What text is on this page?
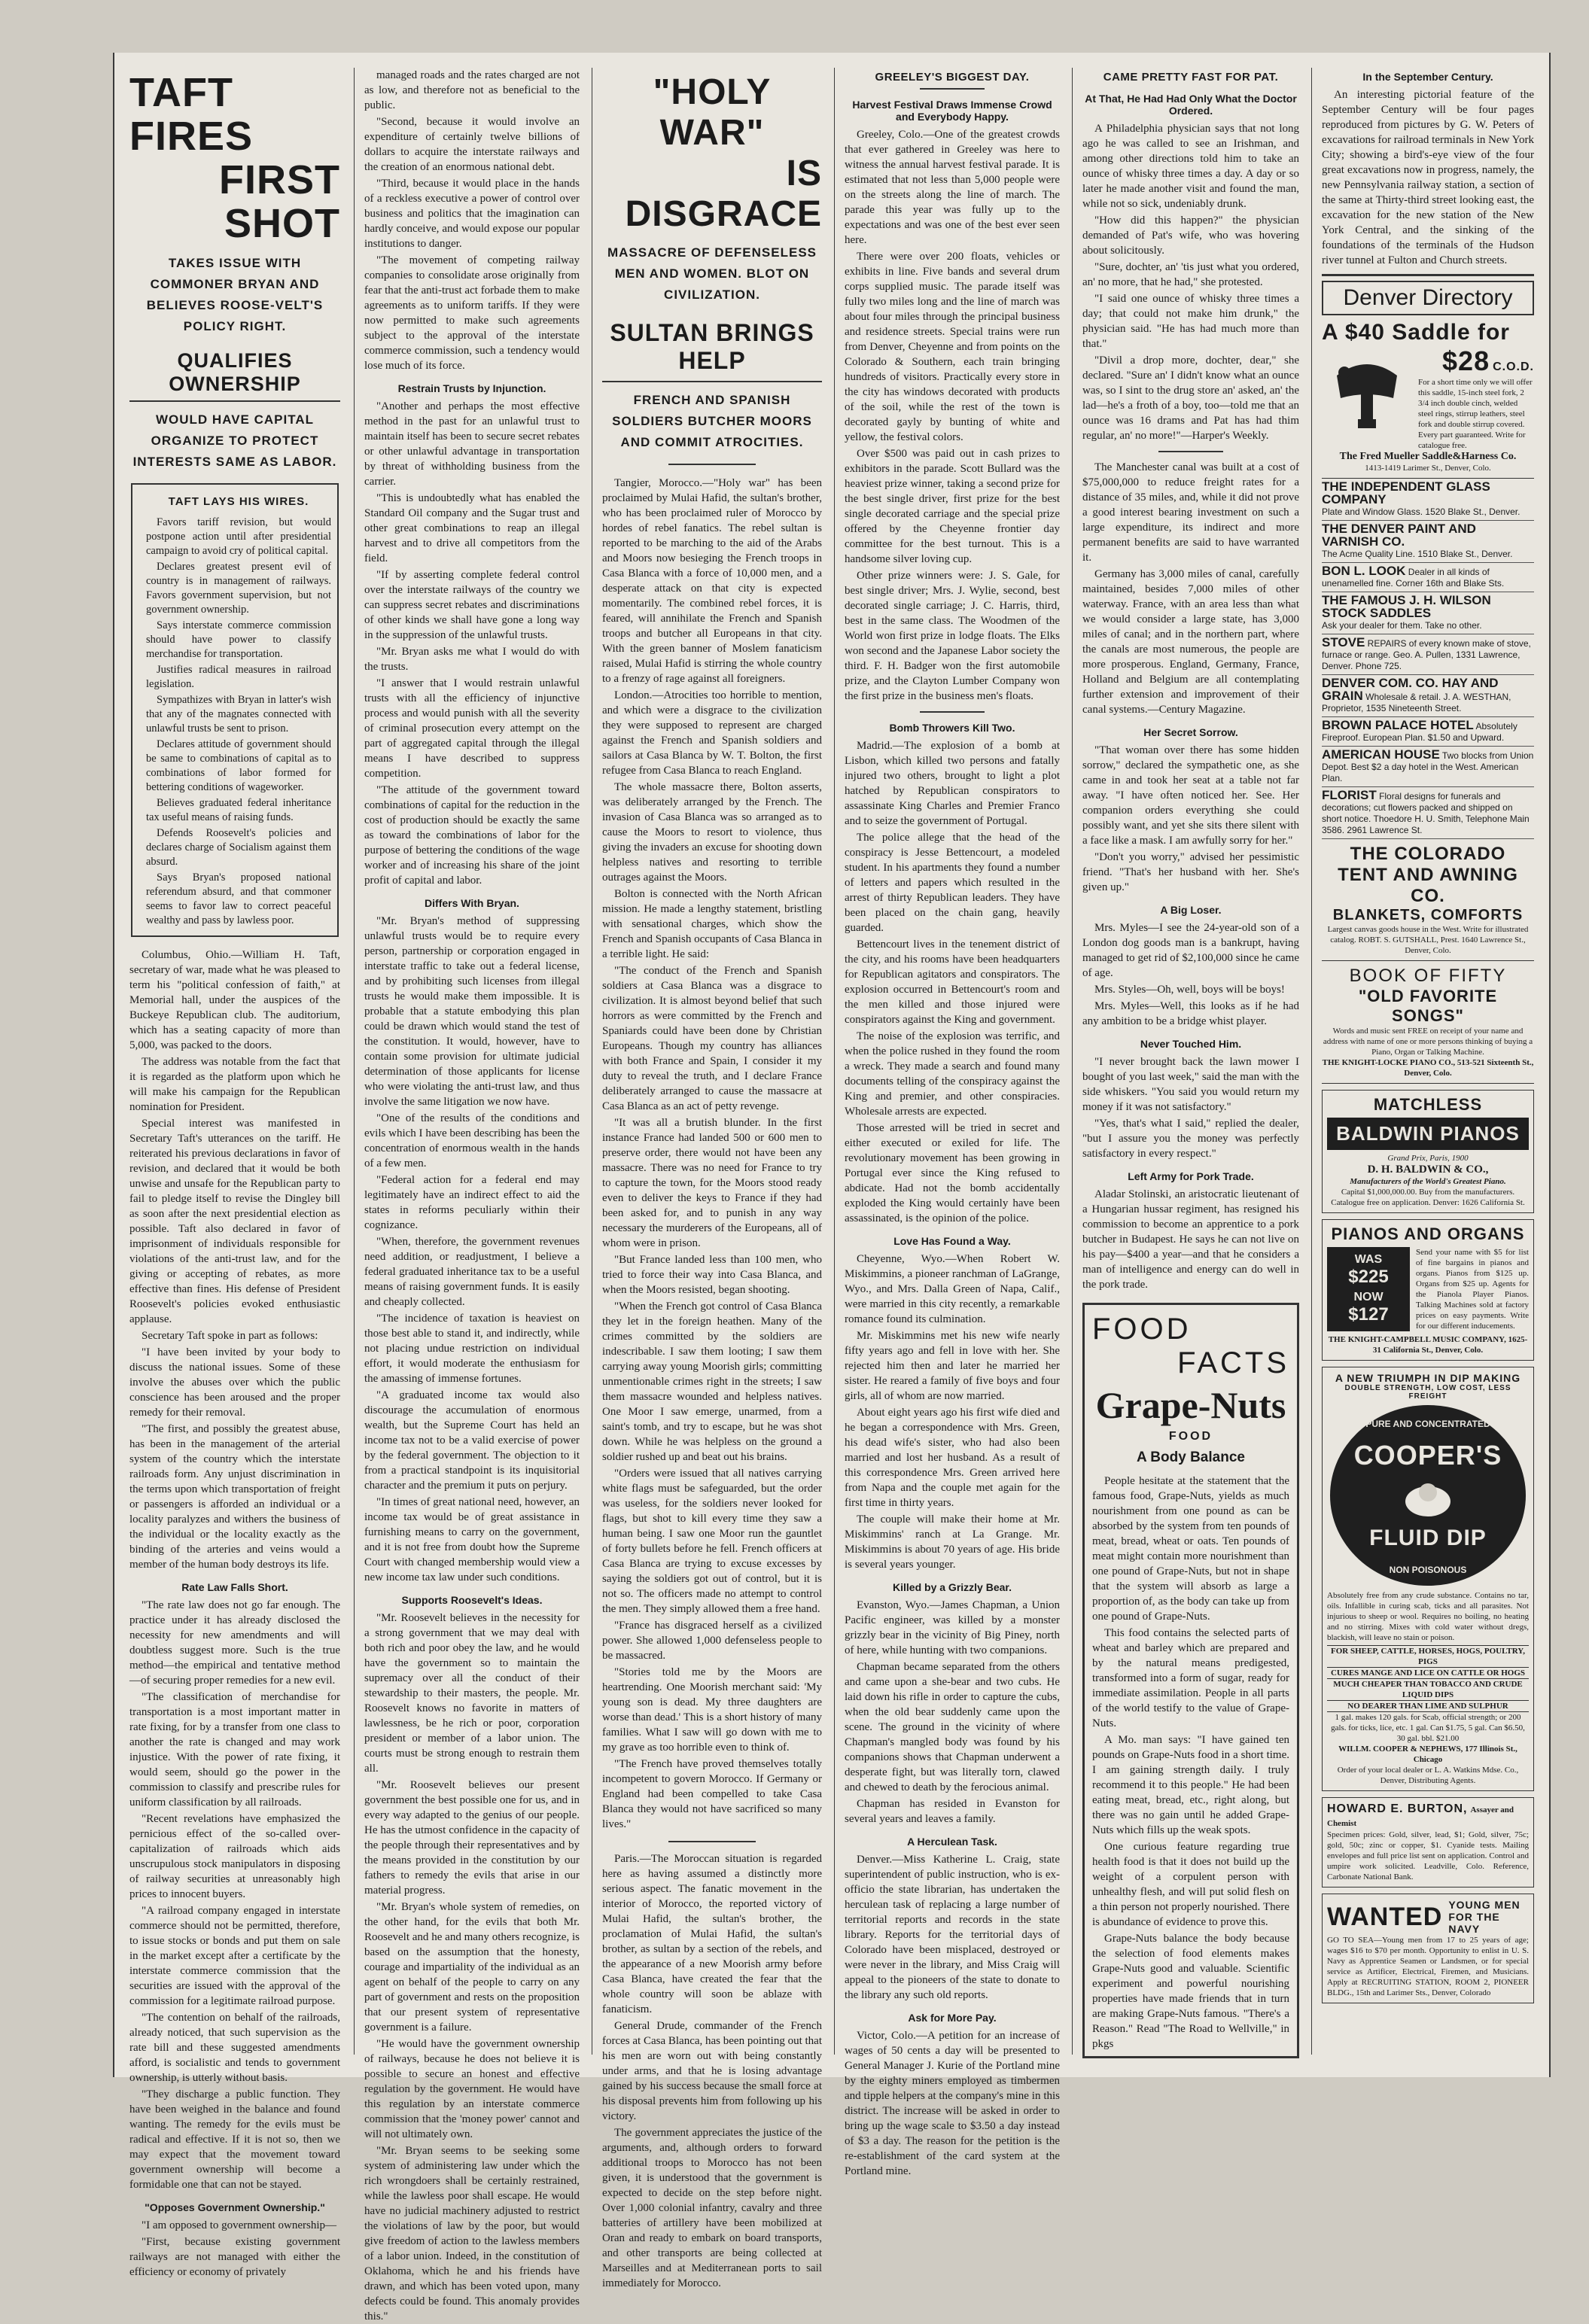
TAFT FIRES
FIRST SHOT
TAKES ISSUE WITH COMMONER BRYAN AND BELIEVES ROOSE-VELT'S POLICY RIGHT.
QUALIFIES OWNERSHIP
WOULD HAVE CAPITAL ORGANIZE TO PROTECT INTERESTS SAME AS LABOR.
TAFT LAYS HIS WIRES.

Favors tariff revision, but would postpone action until after presidential campaign to avoid cry of political capital.

Declares greatest present evil of country is in management of railways. Favors government supervision, but not government ownership.

Says interstate commerce commission should have power to classify merchandise for transportation.

Justifies radical measures in railroad legislation.

Sympathizes with Bryan in latter's wish that any of the magnates connected with unlawful trusts be sent to prison.

Declares attitude of government should be same to combinations of capital as to combinations of labor formed for bettering conditions of wageworker.

Believes graduated federal inheritance tax useful means of raising funds.

Defends Roosevelt's policies and declares charge of Socialism against them absurd.

Says Bryan's proposed national referendum absurd, and that commoner seems to favor law to correct peaceful wealthy and pass by lawless poor.

Columbus, Ohio.—William H. Taft, secretary of war, made what he was pleased to term his "political confession of faith," at Memorial hall, under the auspices of the Buckeye Republican club. The auditorium, which has a seating capacity of more than 5,000, was packed to the doors.

The address was notable from the fact that it is regarded as the platform upon which he will make his campaign for the Republican nomination for President.

Special interest was manifested in Secretary Taft's utterances on the tariff. He reiterated his previous declarations in favor of revision, and declared that it would be both unwise and unsafe for the Republican party to fail to pledge itself to revise the Dingley bill as soon after the next presidential election as possible. Taft also declared in favor of imprisonment of individuals responsible for violations of the anti-trust law, and for the giving or accepting of rebates, as more effective than fines. His defense of President Roosevelt's policies evoked enthusiastic applause.

Secretary Taft spoke in part as follows:

"I have been invited by your body to discuss the national issues. Some of these involve the abuses over which the public conscience has been aroused and the proper remedy for their removal.

"The first, and possibly the greatest abuse, has been in the management of the arterial system of the country which the interstate railroads form. Any unjust discrimination in the terms upon which transportation of freight or passengers is afforded an individual or a locality paralyzes and withers the business of the individual or the locality exactly as the binding of the arteries and veins would a member of the human body destroys its life.

Rate Law Falls Short.

"The rate law does not go far enough. The practice under it has already disclosed the necessity for new amendments and will doubtless suggest more. Such is the true method—the empirical and tentative method—of securing proper remedies for a new evil.

"The classification of merchandise for transportation is a most important matter in rate fixing, for by a transfer from one class to another the rate is changed and may work injustice. With the power of rate fixing, it would seem, should go the power in the commission to classify and prescribe rules for uniform classification by all railroads.

"Recent revelations have emphasized the pernicious effect of the so-called over-capitalization of railroads which aids unscrupulous stock manipulators in disposing of railway securities at unreasonably high prices to innocent buyers.

"A railroad company engaged in interstate commerce should not be permitted, therefore, to issue stocks or bonds and put them on sale in the market except after a certificate by the interstate commerce commission that the securities are issued with the approval of the commission for a legitimate railroad purpose.

"The contention on behalf of the railroads, already noticed, that such supervision as the rate bill and these suggested amendments afford, is socialistic and tends to government ownership, is utterly without basis.

"They discharge a public function. They have been weighed in the balance and found wanting. The remedy for the evils must be radical and effective. If it is not so, then we may expect that the movement toward government ownership will become a formidable one that can not be stayed.

"Opposes Government Ownership."

"I am opposed to government ownership—

"First, because existing government railways are not managed with either the efficiency or economy of privately

managed roads and the rates charged are not as low, and therefore not as beneficial to the public.

"Second, because it would involve an expenditure of certainly twelve billions of dollars to acquire the interstate railways and the creation of an enormous national debt.

"Third, because it would place in the hands of a reckless executive a power of control over business and politics that the imagination can hardly conceive, and would expose our popular institutions to danger.

"The movement of competing railway companies to consolidate arose originally from fear that the anti-trust act forbade them to make agreements as to uniform tariffs. If they were now permitted to make such agreements subject to the approval of the interstate commerce commission, such a tendency would lose much of its force.

Restrain Trusts by Injunction.

"Another and perhaps the most effective method in the past for an unlawful trust to maintain itself has been to secure secret rebates or other unlawful advantage in transportation by threat of withholding business from the carrier.

"This is undoubtedly what has enabled the Standard Oil company and the Sugar trust and other great combinations to reap an illegal harvest and to drive all competitors from the field.

"If by asserting complete federal control over the interstate railways of the country we can suppress secret rebates and discriminations of other kinds we shall have gone a long way in the suppression of the unlawful trusts.

"Mr. Bryan asks me what I would do with the trusts.

"I answer that I would restrain unlawful trusts with all the efficiency of injunctive process and would punish with all the severity of criminal prosecution every attempt on the part of aggregated capital through the illegal means I have described to suppress competition.

"The attitude of the government toward combinations of capital for the reduction in the cost of production should be exactly the same as toward the combinations of labor for the purpose of bettering the conditions of the wage worker and of increasing his share of the joint profit of capital and labor.

Differs With Bryan.

"Mr. Bryan's method of suppressing unlawful trusts would be to require every person, partnership or corporation engaged in interstate traffic to take out a federal license, and by prohibiting such licenses from illegal trusts he would make them impossible. It is probable that a statute embodying this plan could be drawn which would stand the test of the constitution. It would, however, have to contain some provision for ultimate judicial determination of those applicants for license who were violating the anti-trust law, and thus involve the same litigation we now have.

"One of the results of the conditions and evils which I have been describing has been the concentration of enormous wealth in the hands of a few men.

"Federal action for a federal end may legitimately have an indirect effect to aid the states in reforms peculiarly within their cognizance.

"When, therefore, the government revenues need addition, or readjustment, I believe a federal graduated inheritance tax to be a useful means of raising government funds. It is easily and cheaply collected.

"The incidence of taxation is heaviest on those best able to stand it, and indirectly, while not placing undue restriction on individual effort, it would moderate the enthusiasm for the amassing of immense fortunes.

"A graduated income tax would also discourage the accumulation of enormous wealth, but the Supreme Court has held an income tax not to be a valid exercise of power by the federal government. The objection to it from a practical standpoint is its inquisitorial character and the premium it puts on perjury.

"In times of great national need, however, an income tax would be of great assistance in furnishing means to carry on the government, and it is not free from doubt how the Supreme Court with changed membership would view a new income tax law under such conditions.

Supports Roosevelt's Ideas.

"Mr. Roosevelt believes in the necessity for a strong government that we may deal with both rich and poor obey the law, and he would have the government so to maintain the supremacy over all the conduct of their stewardship to their masters, the people. Mr. Roosevelt knows no favorite in matters of lawlessness, be he rich or poor, corporation president or member of a labor union. The courts must be strong enough to restrain them all.

"Mr. Roosevelt believes our present government the best possible one for us, and in every way adapted to the genius of our people. He has the utmost confidence in the capacity of the people through their representatives and by the means provided in the constitution by our fathers to remedy the evils that arise in our material progress.

"Mr. Bryan's whole system of remedies, on the other hand, for the evils that both Mr. Roosevelt and he and many others recognize, is based on the assumption that the honesty, courage and impartiality of the individual as an agent on behalf of the people to carry on any part of government and rests on the proposition that our present system of representative government is a failure.

"He would have the government ownership of railways, because he does not believe it is possible to secure an honest and effective regulation by the government. He would have this regulation by an interstate commerce commission that the 'money power' cannot and will not ultimately own.

"Mr. Bryan seems to be seeking some system of administering law under which the rich wrongdoers shall be certainly restrained, while the lawless poor shall escape. He would have no judicial machinery adjusted to restrict the violations of law by the poor, but would give freedom of action to the lawless members of a labor union. Indeed, in the constitution of Oklahoma, which he and his friends have drawn, and which has been voted upon, many defects could be found. This anomaly provides this."

"HOLY WAR"
IS DISGRACE
MASSACRE OF DEFENSELESS MEN AND WOMEN. BLOT ON CIVILIZATION.
SULTAN BRINGS HELP
FRENCH AND SPANISH SOLDIERS BUTCHER MOORS AND COMMIT ATROCITIES.

Tangier, Morocco.—"Holy war" has been proclaimed by Mulai Hafid, the sultan's brother, who has been proclaimed ruler of Morocco by hordes of rebel fanatics. The rebel sultan is reported to be marching to the aid of the Arabs and Moors now besieging the French troops in Casa Blanca with a force of 10,000 men, and a desperate attack on that city is expected momentarily. The combined rebel forces, it is feared, will annihilate the French and Spanish troops and butcher all Europeans in that city. With the green banner of Moslem fanaticism raised, Mulai Hafid is stirring the whole country to a frenzy of rage against all foreigners.

London.—Atrocities too horrible to mention, and which were a disgrace to the civilization they were supposed to represent are charged against the French and Spanish soldiers and sailors at Casa Blanca by W. T. Bolton, the first refugee from Casa Blanca to reach England.

The whole massacre there, Bolton asserts, was deliberately arranged by the French. The invasion of Casa Blanca was so arranged as to cause the Moors to resort to violence, thus giving the invaders an excuse for shooting down helpless natives and resorting to terrible outrages against the Moors.

Bolton is connected with the North African mission. He made a lengthy statement, bristling with sensational charges, which show the French and Spanish occupants of Casa Blanca in a terrible light. He said:

"The conduct of the French and Spanish soldiers at Casa Blanca was a disgrace to civilization. It is almost beyond belief that such horrors as were committed by the French and Spaniards could have been done by Christian Europeans. Though my country has alliances with both France and Spain, I consider it my duty to reveal the truth, and I declare France deliberately arranged to cause the massacre at Casa Blanca as an act of petty revenge.

"It was all a brutish blunder. In the first instance France had landed 500 or 600 men to preserve order, there would not have been any massacre. There was no need for France to try to capture the town, for the Moors stood ready even to deliver the keys to France if they had been asked for, and to punish in any way necessary the murderers of the Europeans, all of whom were in prison.

"But France landed less than 100 men, who tried to force their way into Casa Blanca, and when the Moors resisted, began shooting.

"When the French got control of Casa Blanca they let in the foreign heathen. Many of the crimes committed by the soldiers are indescribable. I saw them looting; I saw them carrying away young Moorish girls; committing unmentionable crimes right in the streets; I saw them massacre wounded and helpless natives. One Moor I saw emerge, unarmed, from a saint's tomb, and try to escape, but he was shot down. While he was helpless on the ground a soldier rushed up and beat out his brains.

"Orders were issued that all natives carrying white flags must be safeguarded, but the order was useless, for the soldiers never looked for flags, but shot to kill every time they saw a human being. I saw one Moor run the gauntlet of forty bullets before he fell. French officers at Casa Blanca are trying to excuse excesses by saying the soldiers got out of control, but it is not so. The officers made no attempt to control the men. They simply allowed them a free hand.

"France has disgraced herself as a civilized power. She allowed 1,000 defenseless people to be massacred.

"Stories told me by the Moors are heartrending. One Moorish merchant said: 'My young son is dead. My three daughters are worse than dead.' This is a short history of many families. What I saw will go down with me to my grave as too horrible even to think of.

"The French have proved themselves totally incompetent to govern Morocco. If Germany or England had been compelled to take Casa Blanca they would not have sacrificed so many lives."

Paris.—The Moroccan situation is regarded here as having assumed a distinctly more serious aspect. The fanatic movement in the interior of Morocco, the reported victory of Mulai Hafid, the sultan's brother, the proclamation of Mulai Hafid, the sultan's brother, as sultan by a section of the rebels, and the appearance of a new Moorish army before Casa Blanca, have created the fear that the whole country will soon be ablaze with fanaticism.

General Drude, commander of the French forces at Casa Blanca, has been pointing out that his men are worn out with being constantly under arms, and that he is losing advantage gained by his success because the small force at his disposal prevents him from following up his victory.

The government appreciates the justice of the arguments, and, although orders to forward additional troops to Morocco has not been given, it is understood that the government is expected to decide on the step before night. Over 1,000 colonial infantry, cavalry and three batteries of artillery have been mobilized at Oran and ready to embark on board transports, and other transports are being collected at Marseilles and at Mediterranean ports to sail immediately for Morocco.

GREELEY'S BIGGEST DAY.
Harvest Festival Draws Immense Crowd and Everybody Happy.

Greeley, Colo.—One of the greatest crowds that ever gathered in Greeley was here to witness the annual harvest festival parade. It is estimated that not less than 5,000 people were on the streets along the line of march. The parade this year was fully up to the expectations and was one of the best ever seen here.

There were over 200 floats, vehicles or exhibits in line. Five bands and several drum corps supplied music. The parade itself was fully two miles long and the line of march was about four miles through the principal business and residence streets. Special trains were run from Denver, Cheyenne and from points on the Colorado & Southern, each train bringing hundreds of visitors. Practically every store in the city has windows decorated with products of the soil, while the rest of the town is decorated gayly by bunting of white and yellow, the festival colors.

Over $500 was paid out in cash prizes to exhibitors in the parade. Scott Bullard was the heaviest prize winner, taking a second prize for the best single driver, first prize for the best single decorated carriage and the special prize offered by the Cheyenne frontier day committee for the best turnout. This is a handsome silver loving cup.

Other prize winners were: J. S. Gale, for best single driver; Mrs. J. Wylie, second, best decorated single carriage; J. C. Harris, third, best in the same class. The Woodmen of the World won first prize in lodge floats. The Elks won second and the Japanese Labor society the third. F. H. Badger won the first automobile prize, and the Clayton Lumber Company won the first prize in the business men's floats.

Bomb Throwers Kill Two.

Madrid.—The explosion of a bomb at Lisbon, which killed two persons and fatally injured two others, brought to light a plot hatched by Republican conspirators to assassinate King Charles and Premier Franco and to seize the government of Portugal.

The police allege that the head of the conspiracy is Jesse Bettencourt, a modeled student. In his apartments they found a number of letters and papers which resulted in the arrest of thirty Republican leaders. They have been placed on the chain gang, heavily guarded.

Bettencourt lives in the tenement district of the city, and his rooms have been headquarters for Republican agitators and conspirators. The explosion occurred in Bettencourt's room and the men killed and those injured were conspirators against the King and government.

The noise of the explosion was terrific, and when the police rushed in they found the room a wreck. They made a search and found many documents telling of the conspiracy against the King and premier, and other conspiracies. Wholesale arrests are expected.

Those arrested will be tried in secret and either executed or exiled for life. The revolutionary movement has been growing in Portugal ever since the King refused to abdicate. Had not the bomb accidentally exploded the King would certainly have been assassinated, is the opinion of the police.

Love Has Found a Way.

Cheyenne, Wyo.—When Robert W. Miskimmins, a pioneer ranchman of LaGrange, Wyo., and Mrs. Dalla Green of Napa, Calif., were married in this city recently, a remarkable romance found its culmination.

Mr. Miskimmins met his new wife nearly fifty years ago and fell in love with her. She rejected him then and later he married her sister. He reared a family of five boys and four girls, all of whom are now married.

About eight years ago his first wife died and he began a correspondence with Mrs. Green, his dead wife's sister, who had also been married and lost her husband. As a result of this correspondence Mrs. Green arrived here from Napa and the couple met again for the first time in thirty years.

The couple will make their home at Mr. Miskimmins' ranch at La Grange. Mr. Miskimmins is about 70 years of age. His bride is several years younger.

Killed by a Grizzly Bear.

Evanston, Wyo.—James Chapman, a Union Pacific engineer, was killed by a monster grizzly bear in the vicinity of Big Piney, north of here, while hunting with two companions.

Chapman became separated from the others and came upon a she-bear and two cubs. He laid down his rifle in order to capture the cubs, when the old bear suddenly came upon the scene. The ground in the vicinity of where Chapman's mangled body was found by his companions shows that Chapman underwent a desperate fight, but was literally torn, clawed and chewed to death by the ferocious animal.

Chapman has resided in Evanston for several years and leaves a family.

A Herculean Task.

Denver.—Miss Katherine L. Craig, state superintendent of public instruction, who is ex-officio the state librarian, has undertaken the herculean task of replacing a large number of territorial reports and records in the state library. Reports for the territorial days of Colorado have been misplaced, destroyed or were never in the library, and Miss Craig will appeal to the pioneers of the state to donate to the library any such old reports.

Ask for More Pay.

Victor, Colo.—A petition for an increase of wages of 50 cents a day will be presented to General Manager J. Kurie of the Portland mine by the eighty miners employed as timbermen and tipple helpers at the company's mine in this district. The increase will be asked in order to bring up the wage scale to $3.50 a day instead of $3 a day. The reason for the petition is the re-establishment of the card system at the Portland mine.

CAME PRETTY FAST FOR PAT.
At That, He Had Had Only What the Doctor Ordered.

A Philadelphia physician says that not long ago he was called to see an Irishman, and among other directions told him to take an ounce of whisky three times a day. A day or so later he made another visit and found the man, while not so sick, undeniably drunk.

"How did this happen?" the physician demanded of Pat's wife, who was hovering about solicitously.

"Sure, dochter, an' 'tis just what you ordered, an' no more, that he had," she protested.

"I said one ounce of whisky three times a day; that could not make him drunk," the physician said. "He has had much more than that."

"Divil a drop more, dochter, dear," she declared. "Sure an' I didn't know what an ounce was, so I sint to the drug store an' asked, an' the lad—he's a froth of a boy, too—told me that an ounce was 16 drams and Pat has had thim regular, an' no more!"—Harper's Weekly.

The Manchester canal was built at a cost of $75,000,000 to reduce freight rates for a distance of 35 miles, and, while it did not prove a good interest bearing investment on such a large expenditure, its indirect and more permanent benefits are said to have warranted it.

Germany has 3,000 miles of canal, carefully maintained, besides 7,000 miles of other waterway. France, with an area less than what we would consider a large state, has 3,000 miles of canal; and in the northern part, where the canals are most numerous, the people are more prosperous. England, Germany, France, Holland and Belgium are all contemplating further extension and improvement of their canal systems.—Century Magazine.

Her Secret Sorrow.

"That woman over there has some hidden sorrow," declared the sympathetic one, as she came in and took her seat at a table not far away. "I have often noticed her. See. Her companion orders everything she could possibly want, and yet she sits there silent with a face like a mask. I am awfully sorry for her."

"Don't you worry," advised her pessimistic friend. "That's her husband with her. She's given up."

A Big Loser.

Mrs. Myles—I see the 24-year-old son of a London dog goods man is a bankrupt, having managed to get rid of $2,100,000 since he came of age.

Mrs. Styles—Oh, well, boys will be boys!

Mrs. Myles—Well, this looks as if he had any ambition to be a bridge whist player.

Never Touched Him.

"I never brought back the lawn mower I bought of you last week," said the man with the side whiskers. "You said you would return my money if it was not satisfactory."

"Yes, that's what I said," replied the dealer, "but I assure you the money was perfectly satisfactory in every respect."

Left Army for Pork Trade.

Aladar Stolinski, an aristocratic lieutenant of a Hungarian hussar regiment, has resigned his commission to become an apprentice to a pork butcher in Budapest. He says he can not live on his pay—$400 a year—and that he considers a man of intelligence and energy can do well in the pork trade.

FOOD
FACTS
Grape-Nuts
FOOD
A Body Balance

People hesitate at the statement that the famous food, Grape-Nuts, yields as much nourishment from one pound as can be absorbed by the system from ten pounds of meat, bread, wheat or oats. Ten pounds of meat might contain more nourishment than one pound of Grape-Nuts, but not in shape that the system will absorb as large a proportion of, as the body can take up from one pound of Grape-Nuts.

This food contains the selected parts of wheat and barley which are prepared and by the natural means predigested, transformed into a form of sugar, ready for immediate assimilation. People in all parts of the world testify to the value of Grape-Nuts.

A Mo. man says: "I have gained ten pounds on Grape-Nuts food in a short time. I am gaining strength daily. I truly recommend it to this people." He had been eating meat, bread, etc., right along, but there was no gain until he added Grape-Nuts which fills up the weak spots.

One curious feature regarding true health food is that it does not build up the weight of a corpulent person with unhealthy flesh, and will put solid flesh on a thin person not properly nourished. There is abundance of evidence to prove this.

Grape-Nuts balance the body because the selection of food elements makes Grape-Nuts good and valuable. Scientific experiment and powerful nourishing properties have made friends that in turn are making Grape-Nuts famous. "There's a Reason." Read "The Road to Wellville," in pkgs

In the September Century.

An interesting pictorial feature of the September Century will be four pages reproduced from pictures by G. W. Peters of excavations for railroad terminals in New York City; showing a bird's-eye view of the four great excavations now in progress, namely, the new Pennsylvania railway station, a section of the same at Thirty-third street looking east, the excavation for the new station of the New York Central, and the sinking of the foundations of the terminals of the Hudson river tunnel at Fulton and Church streets.

Denver Directory
A $40 Saddle for
$28 C.O.D.
For a short time only we will offer this saddle, 15-inch steel fork, 2 3/4 inch double cinch, welded steel rings, stirrup leathers, steel fork and double stirrup covered. Every part guaranteed. Write for catalogue free.
The Fred Mueller Saddle&Harness Co.
1413-1419 Larimer St., Denver, Colo.
THE INDEPENDENT GLASS COMPANY
Plate and Window Glass. 1520 Blake St., Denver.
THE DENVER PAINT AND VARNISH CO.
The Acme Quality Line. 1510 Blake St., Denver.
BON L. LOOK Dealer in all kinds of unenamelled fine. Corner 16th and Blake Sts.
THE FAMOUS J. H. WILSON STOCK SADDLES
Ask your dealer for them. Take no other.
STOVE REPAIRS of every known make of stove, furnace or range. Geo. A. Pullen, 1331 Lawrence, Denver. Phone 725.
DENVER COM. CO. HAY AND GRAIN Wholesale & retail. J. A. WESTHAN, Proprietor, 1535 Nineteenth Street.
BROWN PALACE HOTEL Absolutely Fireproof. European Plan. $1.50 and Upward.
AMERICAN HOUSE Two blocks from Union Depot. Best $2 a day hotel in the West. American Plan.
FLORIST Floral designs for funerals and decorations; cut flowers packed and shipped on short notice. Thoedore H. U. Smith, Telephone Main 3586. 2961 Lawrence St.
THE COLORADO
TENT AND AWNING CO.
BLANKETS, COMFORTS
Largest canvas goods house in the West. Write for illustrated catalog. ROBT. S. GUTSHALL, Prest. 1640 Lawrence St., Denver, Colo.
BOOK OF FIFTY
"OLD FAVORITE SONGS"
Words and music sent FREE on receipt of your name and address with name of one or more persons thinking of buying a Piano, Organ or Talking Machine.
THE KNIGHT-LOCKE PIANO CO., 513-521 Sixteenth St., Denver, Colo.
MATCHLESS
BALDWIN PIANOS
Grand Prix, Paris, 1900
D. H. BALDWIN & CO.,
Manufacturers of the World's Greatest Piano.
Capital $1,000,000.00. Buy from the manufacturers. Catalogue free on application. Denver: 1626 California St.
PIANOS AND ORGANS
WAS
$225
NOW
$127
Send your name with $5 for list of fine bargains in pianos and organs. Pianos from $125 up. Organs from $25 up. Agents for the Pianola Player Pianos. Talking Machines sold at factory prices on easy payments. Write for our different inducements.
THE KNIGHT-CAMPBELL MUSIC COMPANY, 1625-31 California St., Denver, Colo.
A NEW TRIUMPH IN DIP MAKING
DOUBLE STRENGTH, LOW COST, LESS FREIGHT
PURE AND CONCENTRATED
COOPER'S
FLUID DIP
NON POISONOUS
Absolutely free from any crude substance. Contains no tar, oils. Infallible in curing scab, ticks and all parasites. Not injurious to sheep or wool. Requires no boiling, no heating and no stirring. Mixes with cold water without dregs, blackish, will leave no stain or poison.
FOR SHEEP, CATTLE, HORSES, HOGS, POULTRY, PIGS
CURES MANGE AND LICE ON CATTLE OR HOGS
MUCH CHEAPER THAN TOBACCO AND CRUDE LIQUID DIPS
NO DEARER THAN LIME AND SULPHUR
1 gal. makes 120 gals. for Scab, official strength; or 200 gals. for ticks, lice, etc. 1 gal. Can $1.75, 5 gal. Can $6.50, 30 gal. bbl. $21.00
WILLM. COOPER & NEPHEWS, 177 Illinois St., Chicago
Order of your local dealer or L. A. Watkins Mdse. Co., Denver, Distributing Agents.
HOWARD E. BURTON, Assayer and Chemist
Specimen prices: Gold, silver, lead, $1; Gold, silver, 75c; gold, 50c; zinc or copper, $1. Cyanide tests. Mailing envelopes and full price list sent on application. Control and umpire work solicited. Leadville, Colo. Reference, Carbonate National Bank.
WANTED YOUNG MEN FOR THE NAVY
GO TO SEA—Young men from 17 to 25 years of age; wages $16 to $70 per month. Opportunity to enlist in U. S. Navy as Apprentice Seamen or Landsmen, or for special service as Artificer, Electrical, Firemen, and Musicians. Apply at RECRUITING STATION, ROOM 2, PIONEER BLDG., 15th and Larimer Sts., Denver, Colorado
